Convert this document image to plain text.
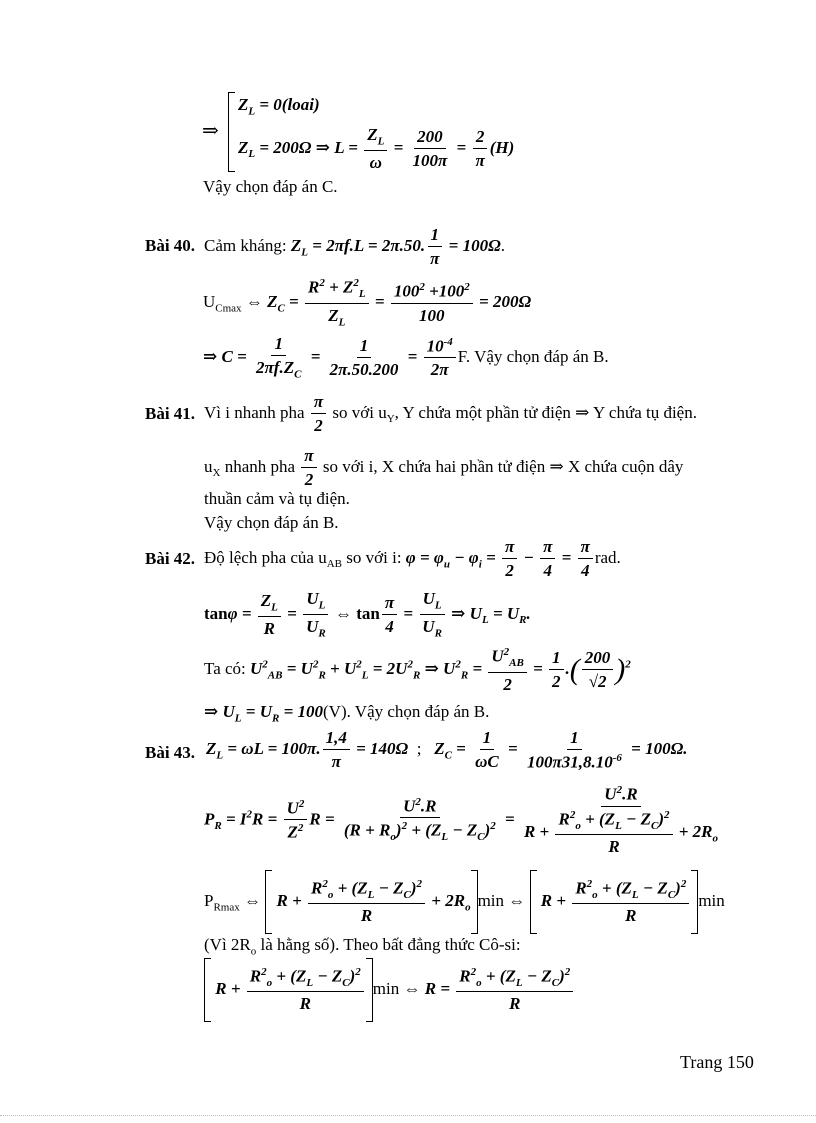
⇒
$Z_L$ = 0(loai)
$Z_L = 200\Omega$ ⇒ $L = \frac{Z_L}{\omega} = \frac{200}{100\pi} = \frac{2}{\pi} (H)$
Vậy chọn đáp án C.
Bài 40. Cảm kháng: $Z_L = 2\pi f.L = 2\pi.50$. $\frac{1}{\pi} = 100\Omega$.
$U_{Cmax}$ ⇔ $Z_C = \frac{R^2 + Z^2_L}{Z_L} = \frac{100^2 +100^2}{100} = 200\Omega$
⇒ $C = \frac{1}{2\pi f.Z_C} = \frac{1}{2\pi.50.200} = \frac{10^{-4}}{2\pi} F$. Vậy chọn đáp án B.
Bài 41. Vì i nhanh pha $\frac{\pi}{2}$ so với $u_Y$, Y chứa một phần tử điện ⇒ Y chứa tụ điện.
$u_X$ nhanh pha $\frac{\pi}{2}$ so với i, X chứa hai phần tử điện ⇒ X chứa cuộn dây
thuần cảm và tụ điện.
Vậy chọn đáp án B.
Bài 42. Độ lệch pha của $u_{AB}$ so với i: $\varphi = \varphi_u - \varphi_i = \frac{\pi}{2} - \frac{\pi}{4} = \frac{\pi}{4}$ rad.
$\tan\varphi = \frac{Z_L}{R} = \frac{U_L}{U_R}$ ⇔ $\tan \frac{\pi}{4} = \frac{U_L}{U_R}$ ⇒ $U_L = U_R$.
Ta có: $U^2_{AB} = U^2_R + U^2_L = 2U^2_R$ ⇒ $U^2_R = \frac{U^2_{AB}}{2} = \frac{1}{2}$ .( $\frac{200}{√2} )^2$
⇒ $U_L = U_R = 100(V)$. Vậy chọn đáp án B.
Bài 43. $Z_L = \omega L = 100\pi$. $\frac{1,4}{\pi} = 140\Omega$  ;   $Z_C = \frac{1}{\omega C} = \frac{1}{100\pi 31,8.10^{-6}} = 100\Omega$.
$P_R = I^2R = \frac{U^2}{Z^2}$ $R = \frac{U^2.R}{(R + R_o)^2 + (Z_L - Z_C)^2} = \frac{U^2.R}{R + \frac{R^2_o + (Z_L - Z_C)^2}{R} + 2R_o}$
$P_{Rmax}$ ⇔  $R + \frac{R^2_o + (Z_L - Z_C)^2}{R} + 2R_o$ min ⇔  $R + \frac{R^2_o + (Z_L - Z_C)^2}{R}$ min
(Vì $2R_o$ là hằng số). Theo bất đẳng thức Cô-si:
$R + \frac{R^2_o + (Z_L - Z_C)^2}{R}$ min ⇔ $R = \frac{R^2_o + (Z_L - Z_C)^2}{R}$
Trang 150
